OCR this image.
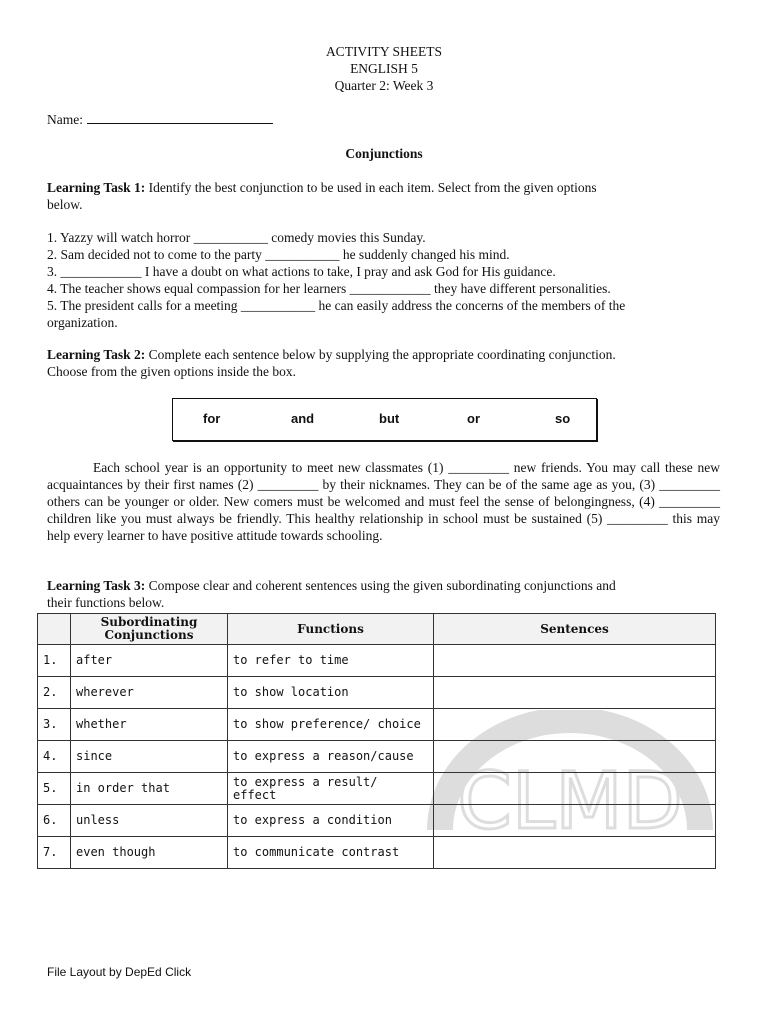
ACTIVITY SHEETS
ENGLISH 5
Quarter 2: Week 3
Name:
Conjunctions
Learning Task 1: Identify the best conjunction to be used in each item. Select from the given options
below.
1. Yazzy will watch horror ___________ comedy movies this Sunday.
2. Sam decided not to come to the party ___________ he suddenly changed his mind.
3. ____________ I have a doubt on what actions to take, I pray and ask God for His guidance.
4. The teacher shows equal compassion for her learners ____________ they have different personalities.
5. The president calls for a meeting ___________ he can easily address the concerns of the members of the
organization.
Learning Task 2: Complete each sentence below by supplying the appropriate coordinating conjunction.
Choose from the given options inside the box.
for	and	but	or	so
Each school year is an opportunity to meet new classmates (1) _________ new friends. You may call these new acquaintances by their first names (2) _________ by their nicknames. They can be of the same age as you, (3) _________ others can be younger or older. New comers must be welcomed and must feel the sense of belongingness, (4) _________ children like you must always be friendly. This healthy relationship in school must be sustained (5) _________ this may help every learner to have positive attitude towards schooling.
Learning Task 3: Compose clear and coherent sentences using the given subordinating conjunctions and
their functions below.
CLMD
	Subordinating Conjunctions	Functions	Sentences
1.	after	to refer to time	
2.	wherever	to show location	
3.	whether	to show preference/ choice	
4.	since	to express a reason/cause	
5.	in order that	to express a result/ effect	
6.	unless	to express a condition	
7.	even though	to communicate contrast	
File Layout by DepEd Click
